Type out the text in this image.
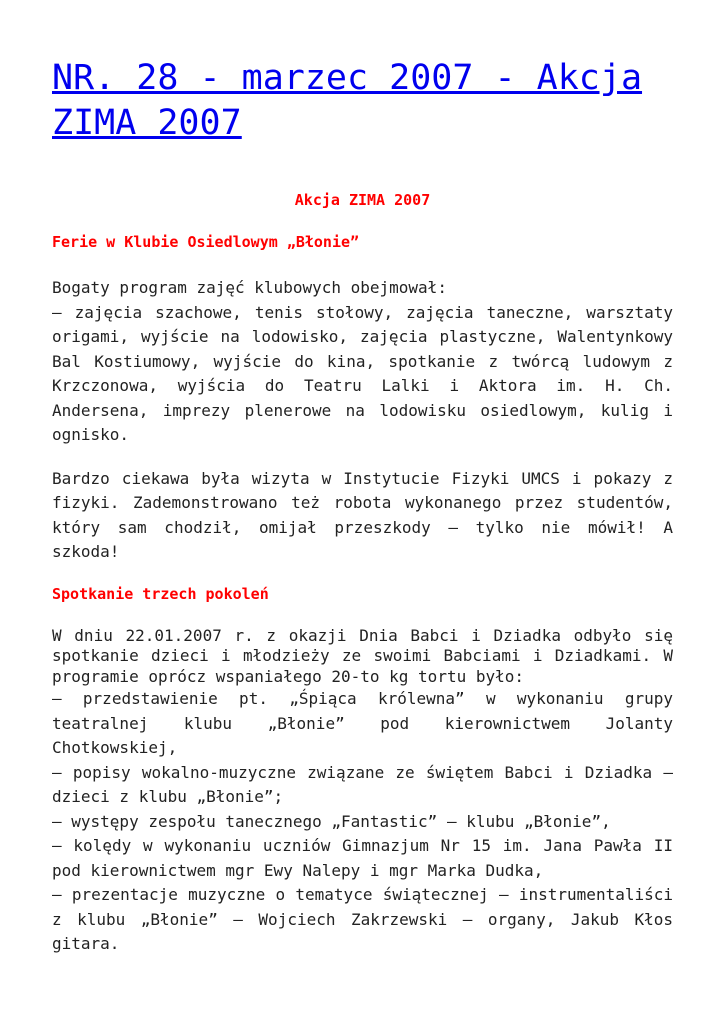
NR. 28 - marzec 2007 - Akcja ZIMA 2007
Akcja ZIMA 2007
Ferie w Klubie Osiedlowym „Błonie”

Bogaty program zajęć klubowych obejmował:
– zajęcia szachowe, tenis stołowy, zajęcia taneczne, warsztaty origami, wyjście na lodowisko, zajęcia plastyczne, Walentynkowy Bal Kostiumowy, wyjście do kina, spotkanie z twórcą ludowym z Krzczonowa, wyjścia do Teatru Lalki i Aktora im. H. Ch. Andersena, imprezy plenerowe na lodowisku osiedlowym, kulig i ognisko.

Bardzo ciekawa była wizyta w Instytucie Fizyki UMCS i pokazy z fizyki. Zademonstrowano też robota wykonanego przez studentów, który sam chodził, omijał przeszkody – tylko nie mówił! A szkoda!

Spotkanie trzech pokoleń

W dniu 22.01.2007 r. z okazji Dnia Babci i Dziadka odbyło się spotkanie dzieci i młodzieży ze swoimi Babciami i Dziadkami. W programie oprócz wspaniałego 20-to kg tortu było:

– przedstawienie pt. „Śpiąca królewna” w wykonaniu grupy teatralnej klubu „Błonie” pod kierownictwem Jolanty Chotkowskiej,
– popisy wokalno-muzyczne związane ze świętem Babci i Dziadka – dzieci z klubu „Błonie”;
– występy zespołu tanecznego „Fantastic” – klubu „Błonie”,
– kolędy w wykonaniu uczniów Gimnazjum Nr 15 im. Jana Pawła II pod kierownictwem mgr Ewy Nalepy i mgr Marka Dudka,
– prezentacje muzyczne o tematyce świątecznej – instrumentaliści z klubu „Błonie” – Wojciech Zakrzewski – organy, Jakub Kłos gitara.
